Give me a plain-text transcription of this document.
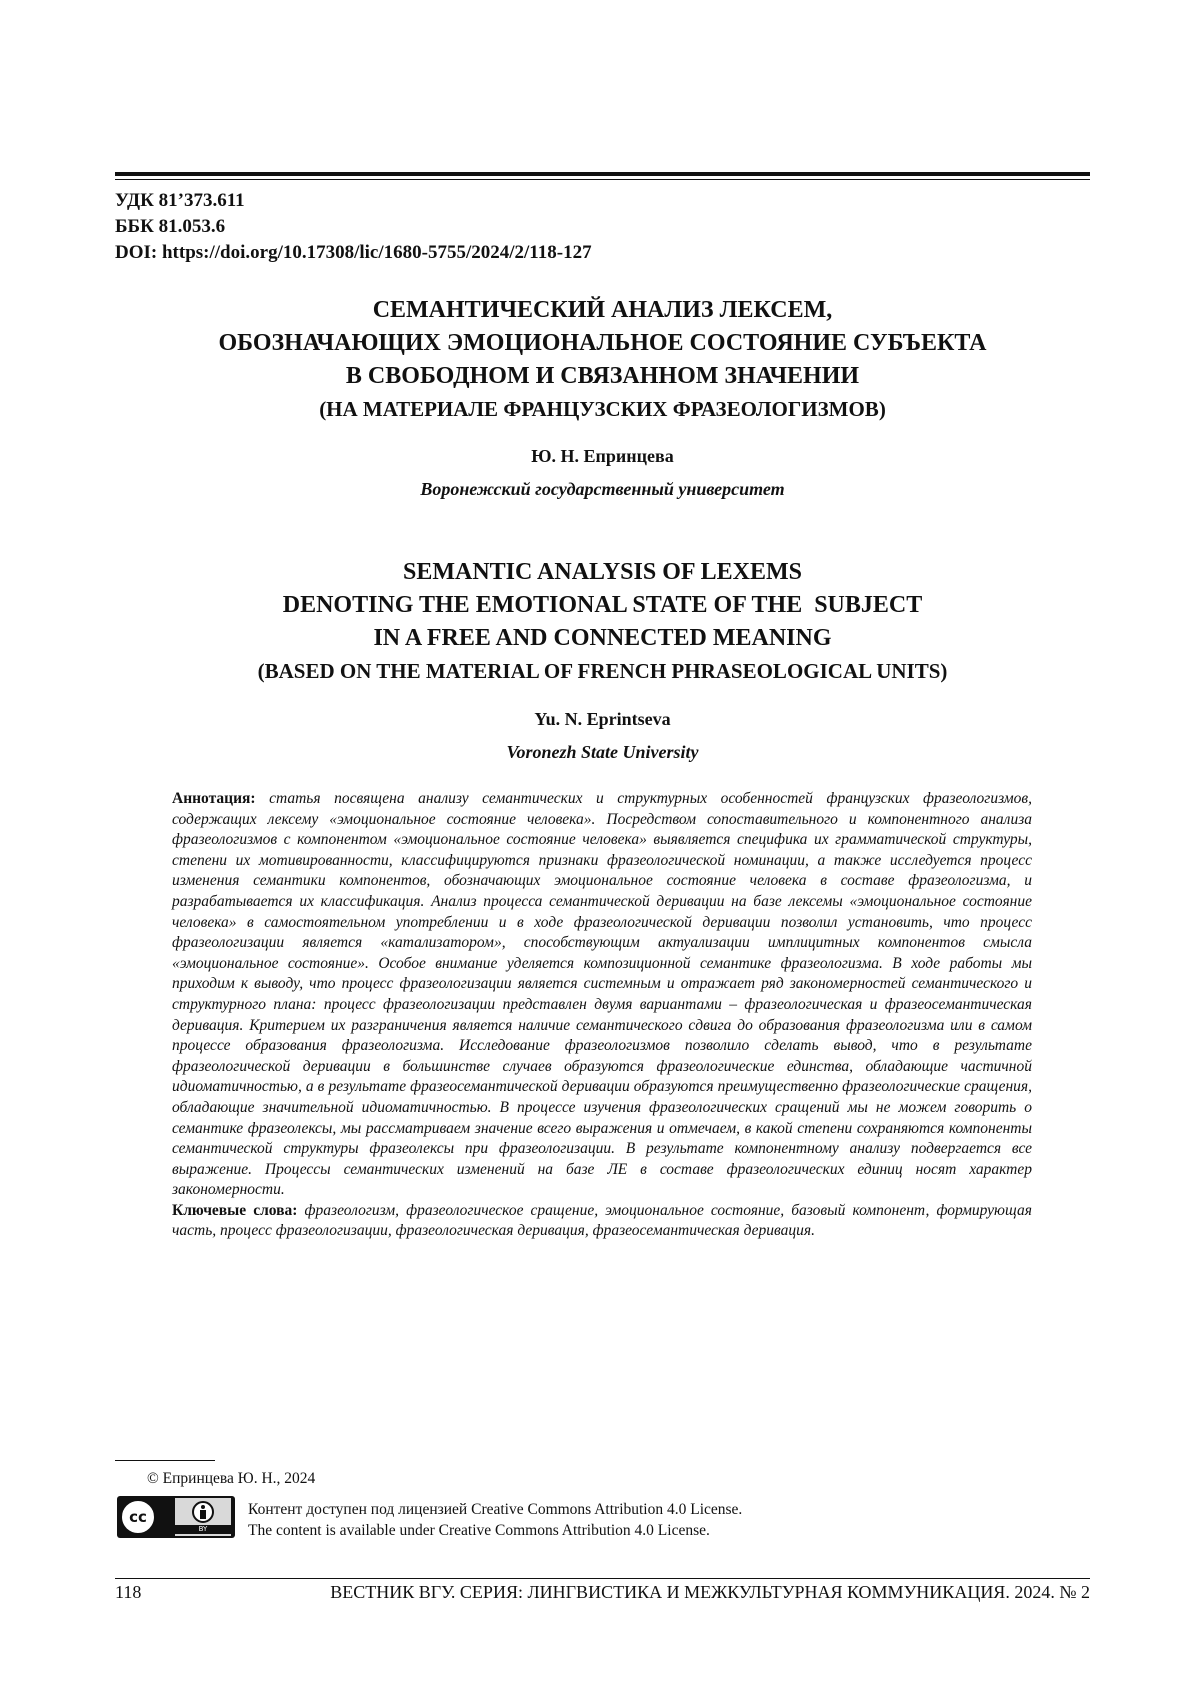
УДК 81’373.611
ББК 81.053.6
DOI: https://doi.org/10.17308/lic/1680-5755/2024/2/118-127
СЕМАНТИЧЕСКИЙ АНАЛИЗ ЛЕКСЕМ,
ОБОЗНАЧАЮЩИХ ЭМОЦИОНАЛЬНОЕ СОСТОЯНИЕ СУБЪЕКТА
В СВОБОДНОМ И СВЯЗАННОМ ЗНАЧЕНИИ
(НА МАТЕРИАЛЕ ФРАНЦУЗСКИХ ФРАЗЕОЛОГИЗМОВ)
Ю. Н. Епринцева
Воронежский государственный университет
SEMANTIC ANALYSIS OF LEXEMS
DENOTING THE EMOTIONAL STATE OF THE  SUBJECT
IN A FREE AND CONNECTED MEANING
(BASED ON THE MATERIAL OF FRENCH PHRASEOLOGICAL UNITS)
Yu. N. Eprintseva
Voronezh State University

Аннотация: статья посвящена анализу семантических и структурных особенностей французских фразеологизмов, содержащих лексему «эмоциональное состояние человека». Посредством сопоставительного и компонентного анализа фразеологизмов с компонентом «эмоциональное состояние человека» выявляется специфика их грамматической структуры, степени их мотивированности, классифицируются признаки фразеологической номинации, а также исследуется процесс изменения семантики компонентов, обозначающих эмоциональное состояние человека в составе фразеологизма, и разрабатывается их классификация. Анализ процесса семантической деривации на базе лексемы «эмоциональное состояние человека» в самостоятельном употреблении и в ходе фразеологической деривации позволил установить, что процесс фразеологизации является «катализатором», способствующим актуализации имплицитных компонентов смысла «эмоциональное состояние». Особое внимание уделяется композиционной семантике фразеологизма. В ходе работы мы приходим к выводу, что процесс фразеологизации является системным и отражает ряд закономерностей семантического и структурного плана: процесс фразеологизации представлен двумя вариантами – фразеологическая и фразеосемантическая деривация. Критерием их разграничения является наличие семантического сдвига до образования фразеологизма или в самом процессе образования фразеологизма. Исследование фразеологизмов позволило сделать вывод, что в результате фразеологической деривации в большинстве случаев образуются фразеологические единства, обладающие частичной идиоматичностью, а в результате фразеосемантической деривации образуются преимущественно фразеологические сращения, обладающие значительной идиоматичностью. В процессе изучения фразеологических сращений мы не можем говорить о семантике фразеолексы, мы рассматриваем значение всего выражения и отмечаем, в какой степени сохраняются компоненты семантической структуры фразеолексы при фразеологизации. В результате компонентному анализу подвергается все выражение. Процессы семантических изменений на базе ЛЕ в составе фразеологических единиц носят характер закономерности.

Ключевые слова: фразеологизм, фразеологическое сращение, эмоциональное состояние, базовый компонент, формирующая часть, процесс фразеологизации, фразеологическая деривация, фразеосемантическая деривация.

© Епринцева Ю. Н., 2024
cc
BY
Контент доступен под лицензией Creative Commons Attribution 4.0 License.
The content is available under Creative Commons Attribution 4.0 License.
118	ВЕСТНИК ВГУ. СЕРИЯ: ЛИНГВИСТИКА И МЕЖКУЛЬТУРНАЯ КОММУНИКАЦИЯ. 2024. № 2
